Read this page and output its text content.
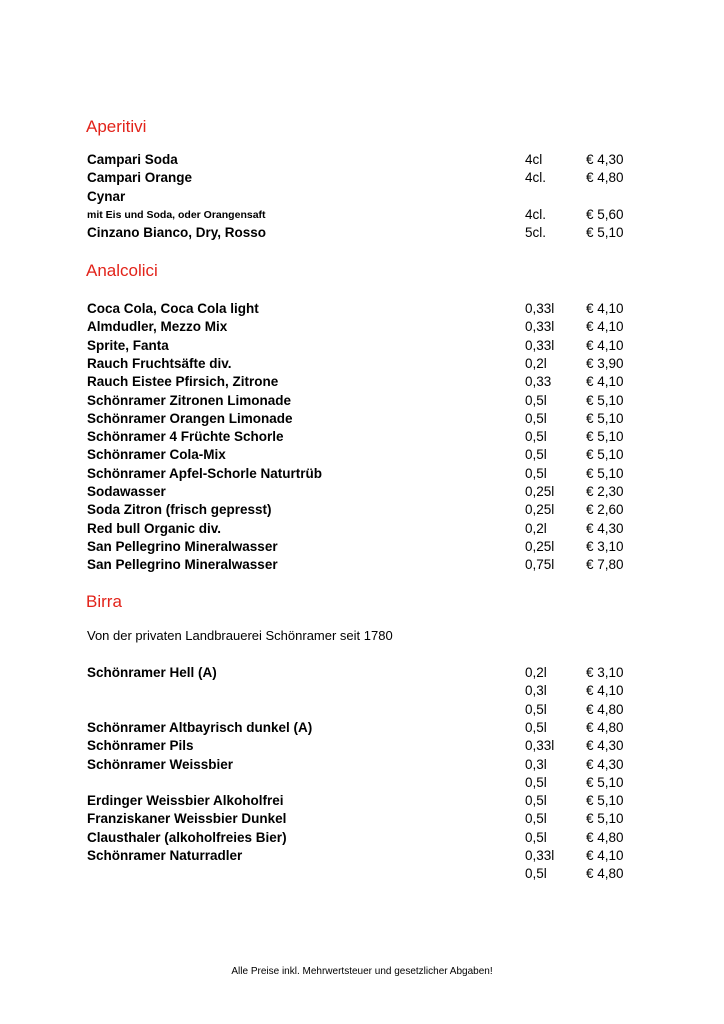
Aperitivi
Campari Soda	4cl	€ 4,30
Campari Orange	4cl.	€ 4,80
Cynar
mit Eis und Soda, oder Orangensaft	4cl.	€ 5,60
Cinzano Bianco, Dry, Rosso	5cl.	€ 5,10
Analcolici
Coca Cola, Coca Cola light	0,33l € 4,10
Almdudler, Mezzo Mix	0,33l € 4,10
Sprite, Fanta	0,33l € 4,10
Rauch Fruchtsäfte div.	0,2l	€ 3,90
Rauch Eistee Pfirsich, Zitrone	0,33	€ 4,10
Schönramer Zitronen Limonade	0,5l	€ 5,10
Schönramer Orangen Limonade	0,5l	€ 5,10
Schönramer 4 Früchte Schorle	0,5l	€ 5,10
Schönramer Cola-Mix	0,5l	€ 5,10
Schönramer Apfel-Schorle Naturtrüb	0,5l	€ 5,10
Sodawasser	0,25l € 2,30
Soda Zitron (frisch gepresst)	0,25l € 2,60
Red bull Organic div.	0,2l	€ 4,30
San Pellegrino Mineralwasser	0,25l € 3,10
San Pellegrino Mineralwasser	0,75l € 7,80
Birra
Von der privaten Landbrauerei Schönramer seit 1780
Schönramer Hell (A)	0,2l	€ 3,10
0,3l	€ 4,10
0,5l	€ 4,80
Schönramer Altbayrisch dunkel (A)	0,5l	€ 4,80
Schönramer Pils	0,33l € 4,30
Schönramer Weissbier	0,3l	€ 4,30
0,5l	€ 5,10
Erdinger Weissbier Alkoholfrei	0,5l	€ 5,10
Franziskaner Weissbier Dunkel	0,5l	€ 5,10
Clausthaler (alkoholfreies Bier)	0,5l	€ 4,80
Schönramer Naturradler	0,33l € 4,10
0,5l	€ 4,80
Alle Preise inkl. Mehrwertsteuer und gesetzlicher Abgaben!
